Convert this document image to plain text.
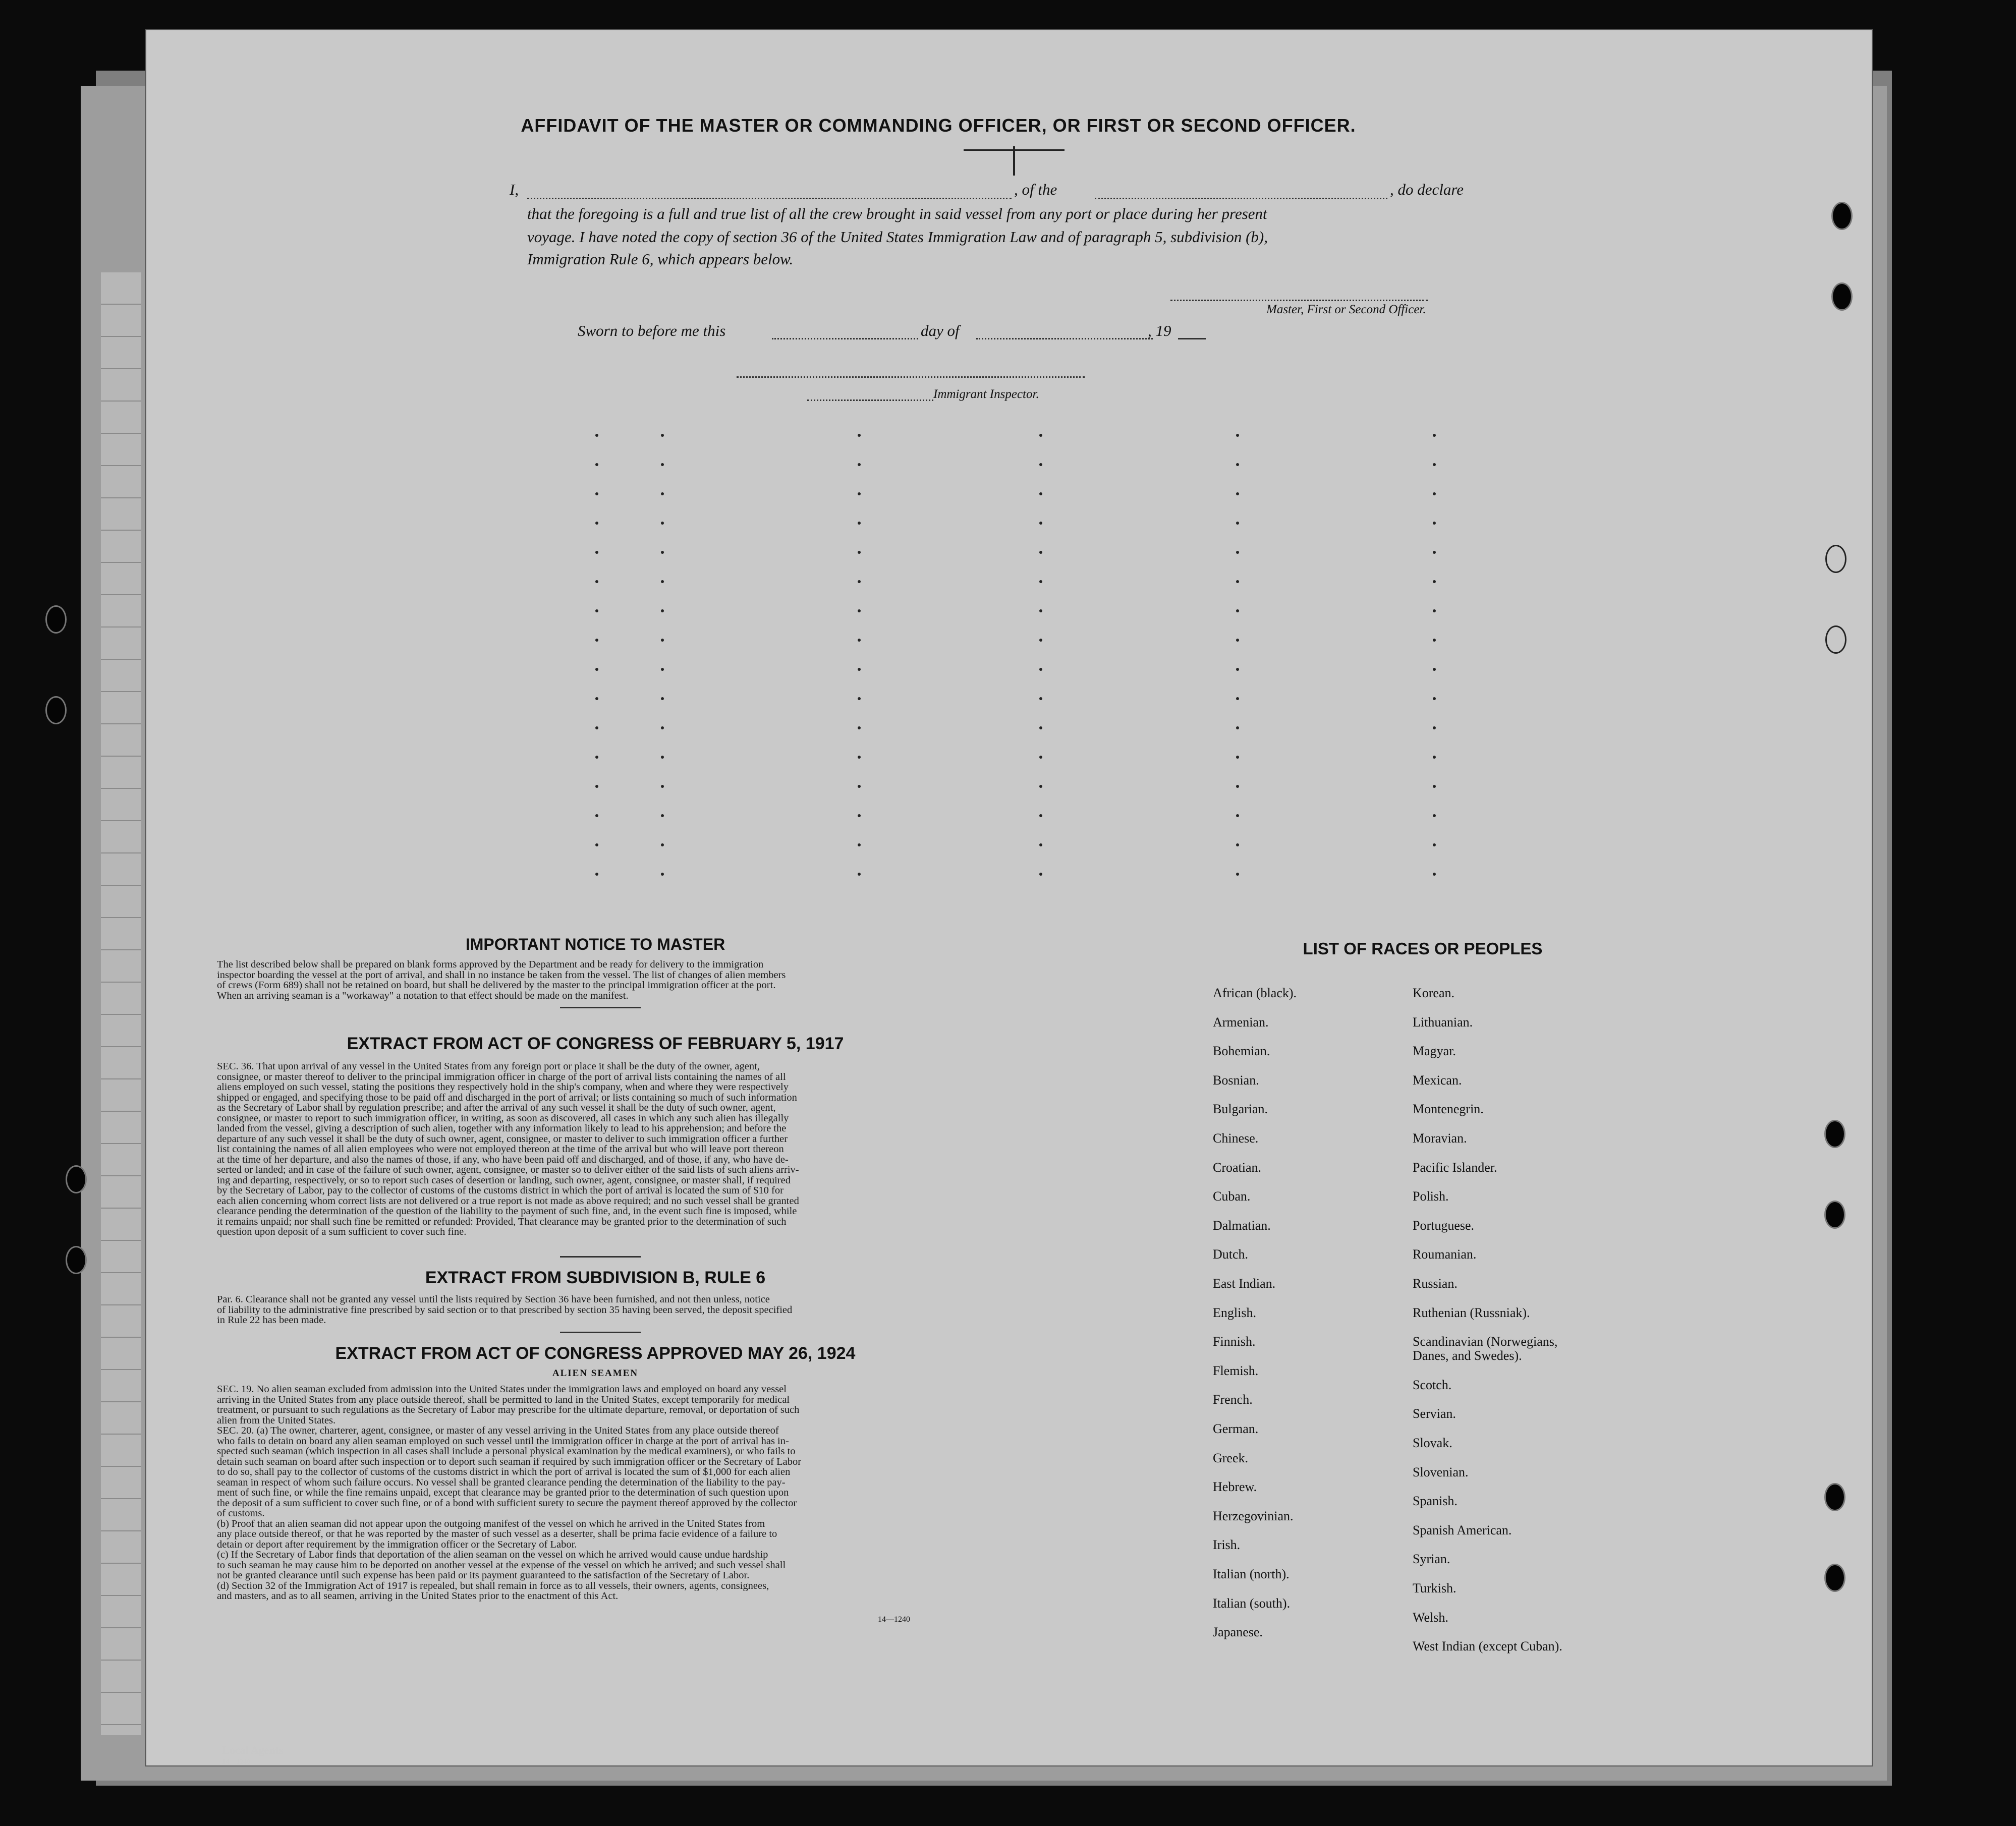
AFFIDAVIT OF THE MASTER OR COMMANDING OFFICER, OR FIRST OR SECOND OFFICER.
I,	, of the	, do declare
that the foregoing is a full and true list of all the crew brought in said vessel from any port or place during her present
voyage. I have noted the copy of section 36 of the United States Immigration Law and of paragraph 5, subdivision (b),
Immigration Rule 6, which appears below.
Master, First or Second Officer.
Sworn to before me this	day of	, 19
Immigrant Inspector.
IMPORTANT NOTICE TO MASTER
The list described below shall be prepared on blank forms approved by the Department and be ready for delivery to the immigration
inspector boarding the vessel at the port of arrival, and shall in no instance be taken from the vessel. The list of changes of alien members
of crews (Form 689) shall not be retained on board, but shall be delivered by the master to the principal immigration officer at the port.
When an arriving seaman is a "workaway" a notation to that effect should be made on the manifest.
EXTRACT FROM ACT OF CONGRESS OF FEBRUARY 5, 1917
SEC. 36. That upon arrival of any vessel in the United States from any foreign port or place it shall be the duty of the owner, agent,
consignee, or master thereof to deliver to the principal immigration officer in charge of the port of arrival lists containing the names of all
aliens employed on such vessel, stating the positions they respectively hold in the ship's company, when and where they were respectively
shipped or engaged, and specifying those to be paid off and discharged in the port of arrival; or lists containing so much of such information
as the Secretary of Labor shall by regulation prescribe; and after the arrival of any such vessel it shall be the duty of such owner, agent,
consignee, or master to report to such immigration officer, in writing, as soon as discovered, all cases in which any such alien has illegally
landed from the vessel, giving a description of such alien, together with any information likely to lead to his apprehension; and before the
departure of any such vessel it shall be the duty of such owner, agent, consignee, or master to deliver to such immigration officer a further
list containing the names of all alien employees who were not employed thereon at the time of the arrival but who will leave port thereon
at the time of her departure, and also the names of those, if any, who have been paid off and discharged, and of those, if any, who have de-
serted or landed; and in case of the failure of such owner, agent, consignee, or master so to deliver either of the said lists of such aliens arriv-
ing and departing, respectively, or so to report such cases of desertion or landing, such owner, agent, consignee, or master shall, if required
by the Secretary of Labor, pay to the collector of customs of the customs district in which the port of arrival is located the sum of $10 for
each alien concerning whom correct lists are not delivered or a true report is not made as above required; and no such vessel shall be granted
clearance pending the determination of the question of the liability to the payment of such fine, and, in the event such fine is imposed, while
it remains unpaid; nor shall such fine be remitted or refunded: Provided, That clearance may be granted prior to the determination of such
question upon deposit of a sum sufficient to cover such fine.
EXTRACT FROM SUBDIVISION B, RULE 6
Par. 6. Clearance shall not be granted any vessel until the lists required by Section 36 have been furnished, and not then unless, notice
of liability to the administrative fine prescribed by said section or to that prescribed by section 35 having been served, the deposit specified
in Rule 22 has been made.
EXTRACT FROM ACT OF CONGRESS APPROVED MAY 26, 1924
ALIEN SEAMEN
SEC. 19. No alien seaman excluded from admission into the United States under the immigration laws and employed on board any vessel
arriving in the United States from any place outside thereof, shall be permitted to land in the United States, except temporarily for medical
treatment, or pursuant to such regulations as the Secretary of Labor may prescribe for the ultimate departure, removal, or deportation of such
alien from the United States.
SEC. 20. (a) The owner, charterer, agent, consignee, or master of any vessel arriving in the United States from any place outside thereof
who fails to detain on board any alien seaman employed on such vessel until the immigration officer in charge at the port of arrival has in-
spected such seaman (which inspection in all cases shall include a personal physical examination by the medical examiners), or who fails to
detain such seaman on board after such inspection or to deport such seaman if required by such immigration officer or the Secretary of Labor
to do so, shall pay to the collector of customs of the customs district in which the port of arrival is located the sum of $1,000 for each alien
seaman in respect of whom such failure occurs. No vessel shall be granted clearance pending the determination of the liability to the pay-
ment of such fine, or while the fine remains unpaid, except that clearance may be granted prior to the determination of such question upon
the deposit of a sum sufficient to cover such fine, or of a bond with sufficient surety to secure the payment thereof approved by the collector
of customs.
(b) Proof that an alien seaman did not appear upon the outgoing manifest of the vessel on which he arrived in the United States from
any place outside thereof, or that he was reported by the master of such vessel as a deserter, shall be prima facie evidence of a failure to
detain or deport after requirement by the immigration officer or the Secretary of Labor.
(c) If the Secretary of Labor finds that deportation of the alien seaman on the vessel on which he arrived would cause undue hardship
to such seaman he may cause him to be deported on another vessel at the expense of the vessel on which he arrived; and such vessel shall
not be granted clearance until such expense has been paid or its payment guaranteed to the satisfaction of the Secretary of Labor.
(d) Section 32 of the Immigration Act of 1917 is repealed, but shall remain in force as to all vessels, their owners, agents, consignees,
and masters, and as to all seamen, arriving in the United States prior to the enactment of this Act.
14—1240
LIST OF RACES OR PEOPLES
African (black).
Armenian.
Bohemian.
Bosnian.
Bulgarian.
Chinese.
Croatian.
Cuban.
Dalmatian.
Dutch.
East Indian.
English.
Finnish.
Flemish.
French.
German.
Greek.
Hebrew.
Herzegovinian.
Irish.
Italian (north).
Italian (south).
Japanese.
Korean.
Lithuanian.
Magyar.
Mexican.
Montenegrin.
Moravian.
Pacific Islander.
Polish.
Portuguese.
Roumanian.
Russian.
Ruthenian (Russniak).
Scandinavian (Norwegians,
Danes, and Swedes).
Scotch.
Servian.
Slovak.
Slovenian.
Spanish.
Spanish American.
Syrian.
Turkish.
Welsh.
West Indian (except Cuban).
Local Agents
14—1240
